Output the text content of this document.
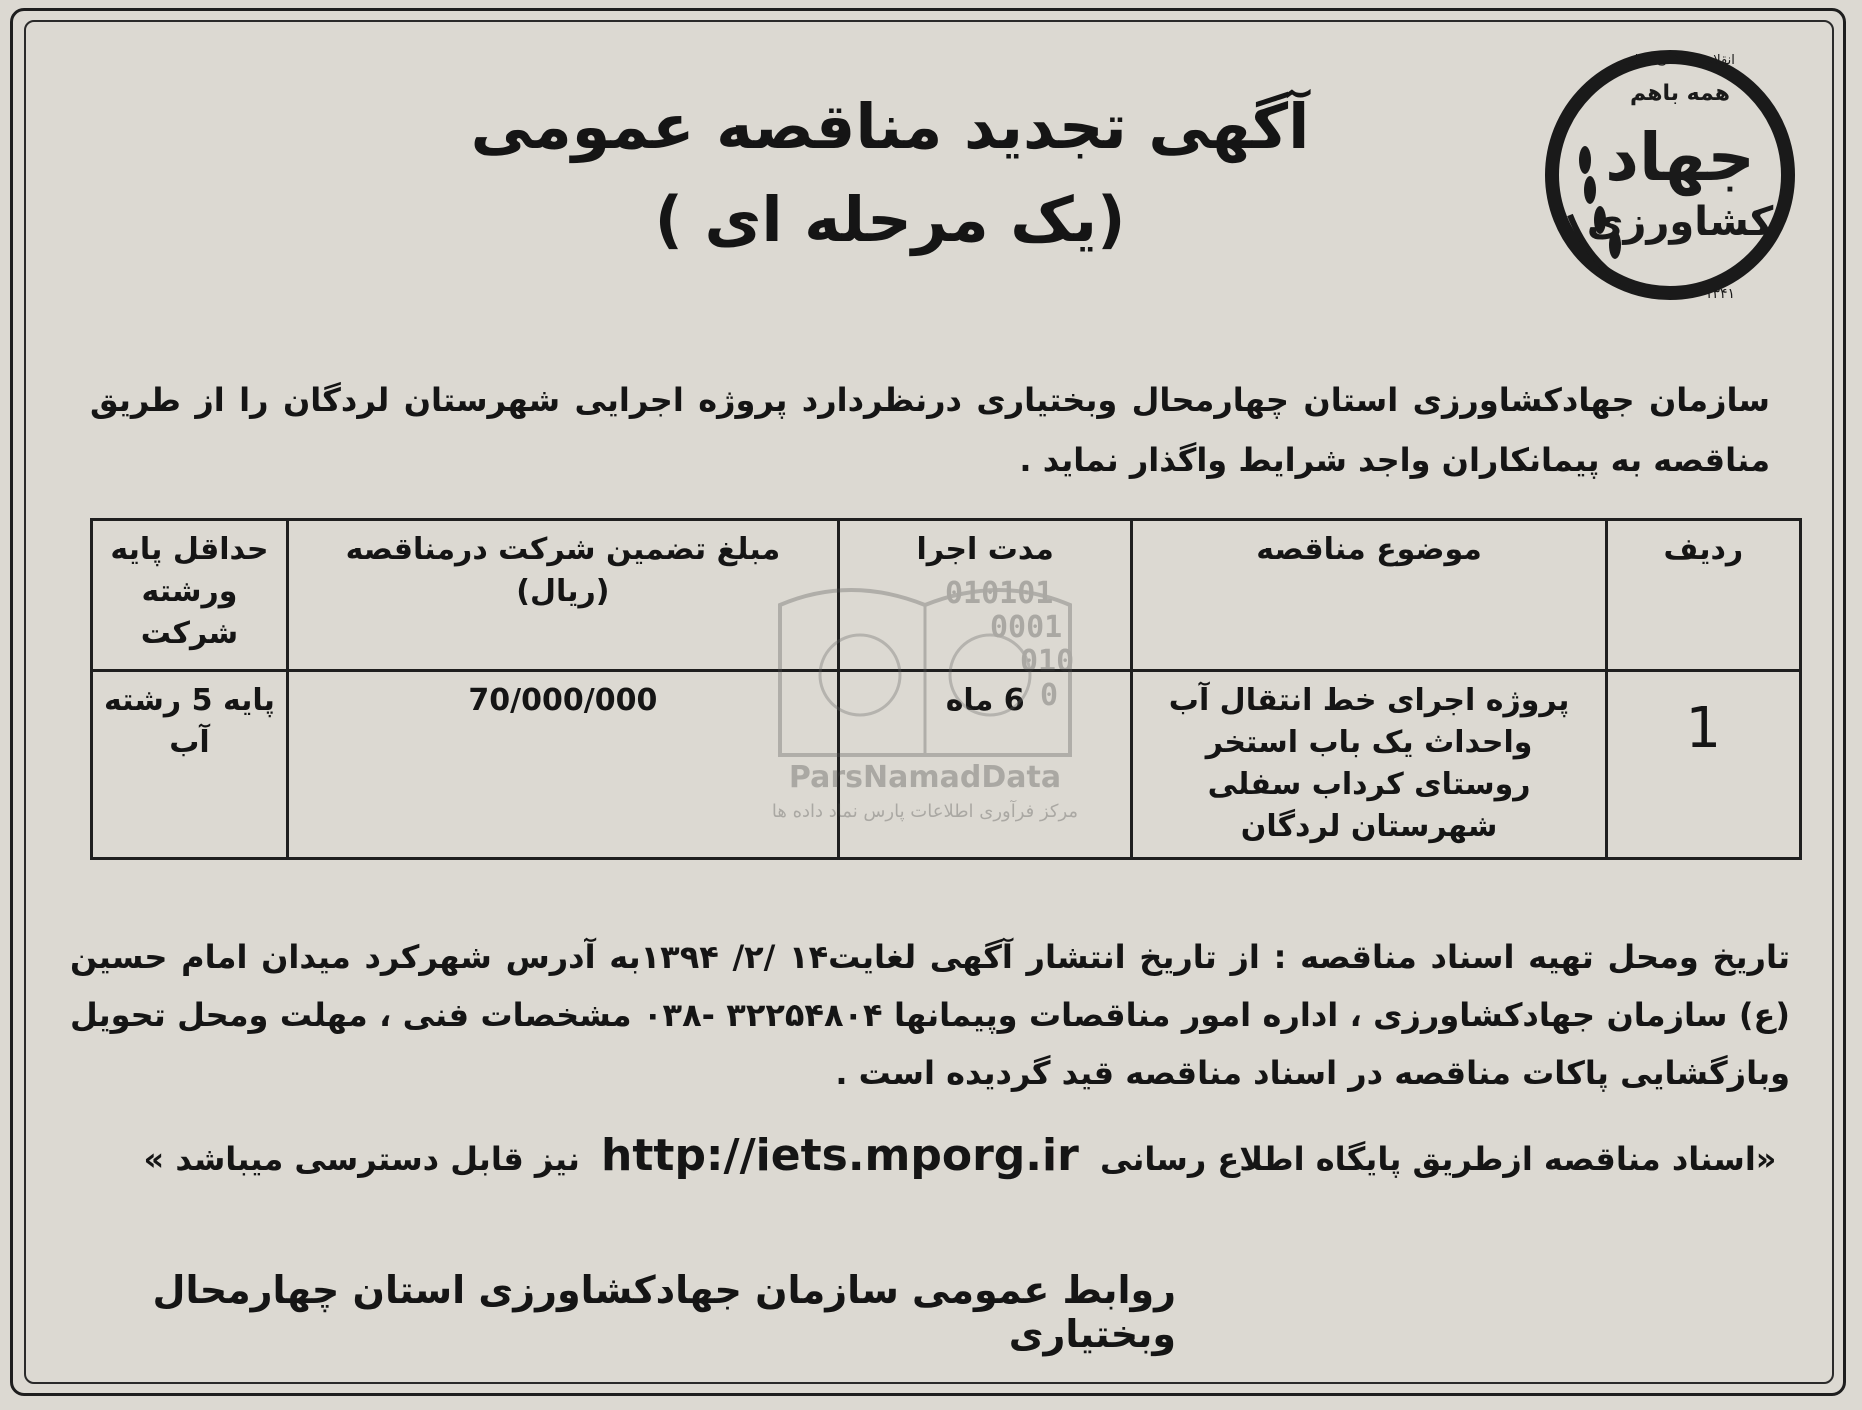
همه باهم
جهاد
کشاورزی
۱۳۴۱
انقلاب اسلامی ایران
آگهی تجدید مناقصه عمومی
(یک مرحله ای )
سازمان جهادکشاورزی استان چهارمحال وبختیاری درنظردارد پروژه اجرایی شهرستان لردگان را از طریق مناقصه به پیمانکاران واجد شرایط واگذار نماید .
ردیف	موضوع مناقصه	مدت اجرا	مبلغ تضمین شرکت درمناقصه (ریال)	حداقل پایه ورشته شرکت
1	پروژه اجرای خط انتقال آب واحداث یک باب استخر روستای کرداب سفلی شهرستان لردگان	6 ماه	70/000/000	پایه 5 رشته آب
010101
0001
010
0
ParsNamadData
مرکز فرآوری اطلاعات پارس نماد داده ها
تاریخ ومحل تهیه اسناد مناقصه : از تاریخ انتشار آگهی لغایت۱۴ /۲/ ۱۳۹۴به آدرس شهرکرد میدان امام حسین (ع) سازمان جهادکشاورزی ، اداره امور مناقصات وپیمانها ۳۲۲۵۴۸۰۴ -۰۳۸ مشخصات فنی ، مهلت ومحل تحویل وبازگشایی پاکات مناقصه در اسناد مناقصه قید گردیده است .
«اسناد مناقصه ازطریق پایگاه اطلاع رسانی http://iets.mporg.ir نیز قابل دسترسی میباشد »
روابط عمومی سازمان جهادکشاورزی استان چهارمحال وبختیاری
